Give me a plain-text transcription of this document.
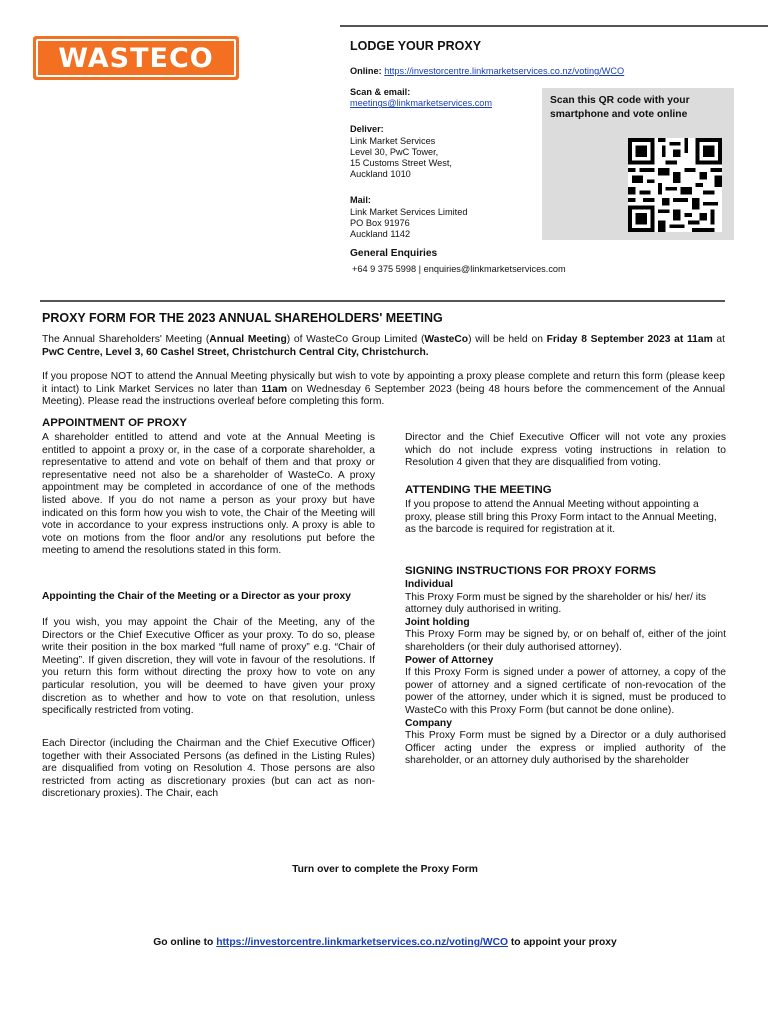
WASTECO	LODGE YOUR PROXY
Online: https://investorcentre.linkmarketservices.co.nz/voting/WCO
Scan & email:
meetings@linkmarketservices.com
Deliver:
Link Market Services
Level 30, PwC Tower,
15 Customs Street West,
Auckland 1010
Mail:
Link Market Services Limited
PO Box 91976
Auckland 1142
Scan this QR code with your smartphone and vote online
General Enquiries
+64 9 375 5998 | enquiries@linkmarketservices.com
PROXY FORM FOR THE 2023 ANNUAL SHAREHOLDERS' MEETING
The Annual Shareholders' Meeting (Annual Meeting) of WasteCo Group Limited (WasteCo) will be held on Friday 8 September 2023 at 11am at PwC Centre, Level 3, 60 Cashel Street, Christchurch Central City, Christchurch.
If you propose NOT to attend the Annual Meeting physically but wish to vote by appointing a proxy please complete and return this form (please keep it intact) to Link Market Services no later than 11am on Wednesday 6 September 2023 (being 48 hours before the commencement of the Annual Meeting). Please read the instructions overleaf before completing this form.
APPOINTMENT OF PROXY
A shareholder entitled to attend and vote at the Annual Meeting is entitled to appoint a proxy or, in the case of a corporate shareholder, a representative to attend and vote on behalf of them and that proxy or representative need not also be a shareholder of WasteCo. A proxy appointment may be completed in accordance of one of the methods listed above. If you do not name a person as your proxy but have indicated on this form how you wish to vote, the Chair of the Meeting will vote in accordance to your express instructions only. A proxy is able to vote on motions from the floor and/or any resolutions put before the meeting to amend the resolutions stated in this form.
Appointing the Chair of the Meeting or a Director as your proxy
If you wish, you may appoint the Chair of the Meeting, any of the Directors or the Chief Executive Officer as your proxy. To do so, please write their position in the box marked “full name of proxy” e.g. “Chair of Meeting”. If given discretion, they will vote in favour of the resolutions. If you return this form without directing the proxy how to vote on any particular resolution, you will be deemed to have given your proxy discretion as to whether and how to vote on that resolution, unless specifically restricted from voting.
Each Director (including the Chairman and the Chief Executive Officer) together with their Associated Persons (as defined in the Listing Rules) are disqualified from voting on Resolution 4. Those persons are also restricted from acting as discretionary proxies (but can act as non-discretionary proxies). The Chair, each
Director and the Chief Executive Officer will not vote any proxies which do not include express voting instructions in relation to Resolution 4 given that they are disqualified from voting.
ATTENDING THE MEETING
If you propose to attend the Annual Meeting without appointing a proxy, please still bring this Proxy Form intact to the Annual Meeting, as the barcode is required for registration at it.
SIGNING INSTRUCTIONS FOR PROXY FORMS
Individual
This Proxy Form must be signed by the shareholder or his/ her/ its attorney duly authorised in writing.
Joint holding
This Proxy Form may be signed by, or on behalf of, either of the joint shareholders (or their duly authorised attorney).
Power of Attorney
If this Proxy Form is signed under a power of attorney, a copy of the power of attorney and a signed certificate of non-revocation of the power of the attorney, under which it is signed, must be produced to WasteCo with this Proxy Form (but cannot be done online).
Company
This Proxy Form must be signed by a Director or a duly authorised Officer acting under the express or implied authority of the shareholder, or an attorney duly authorised by the shareholder
Turn over to complete the Proxy Form
Go online to https://investorcentre.linkmarketservices.co.nz/voting/WCO to appoint your proxy
